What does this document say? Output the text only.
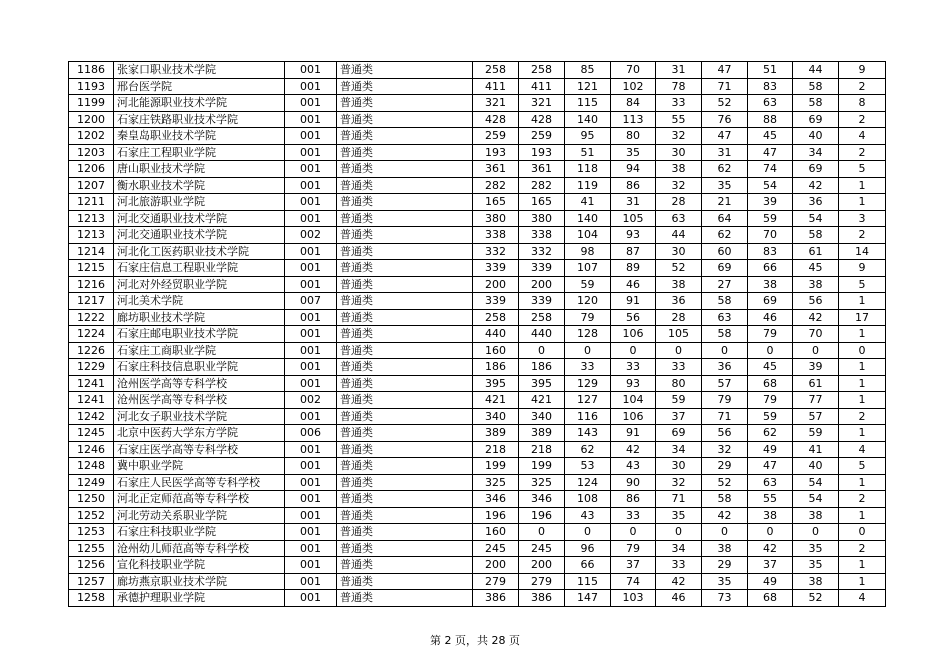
1186	张家口职业技术学院	001	普通类	258	258	85	70	31	47	51	44	9
1193	邢台医学院	001	普通类	411	411	121	102	78	71	83	58	2
1199	河北能源职业技术学院	001	普通类	321	321	115	84	33	52	63	58	8
1200	石家庄铁路职业技术学院	001	普通类	428	428	140	113	55	76	88	69	2
1202	秦皇岛职业技术学院	001	普通类	259	259	95	80	32	47	45	40	4
1203	石家庄工程职业学院	001	普通类	193	193	51	35	30	31	47	34	2
1206	唐山职业技术学院	001	普通类	361	361	118	94	38	62	74	69	5
1207	衡水职业技术学院	001	普通类	282	282	119	86	32	35	54	42	1
1211	河北旅游职业学院	001	普通类	165	165	41	31	28	21	39	36	1
1213	河北交通职业技术学院	001	普通类	380	380	140	105	63	64	59	54	3
1213	河北交通职业技术学院	002	普通类	338	338	104	93	44	62	70	58	2
1214	河北化工医药职业技术学院	001	普通类	332	332	98	87	30	60	83	61	14
1215	石家庄信息工程职业学院	001	普通类	339	339	107	89	52	69	66	45	9
1216	河北对外经贸职业学院	001	普通类	200	200	59	46	38	27	38	38	5
1217	河北美术学院	007	普通类	339	339	120	91	36	58	69	56	1
1222	廊坊职业技术学院	001	普通类	258	258	79	56	28	63	46	42	17
1224	石家庄邮电职业技术学院	001	普通类	440	440	128	106	105	58	79	70	1
1226	石家庄工商职业学院	001	普通类	160	0	0	0	0	0	0	0	0
1229	石家庄科技信息职业学院	001	普通类	186	186	33	33	33	36	45	39	1
1241	沧州医学高等专科学校	001	普通类	395	395	129	93	80	57	68	61	1
1241	沧州医学高等专科学校	002	普通类	421	421	127	104	59	79	79	77	1
1242	河北女子职业技术学院	001	普通类	340	340	116	106	37	71	59	57	2
1245	北京中医药大学东方学院	006	普通类	389	389	143	91	69	56	62	59	1
1246	石家庄医学高等专科学校	001	普通类	218	218	62	42	34	32	49	41	4
1248	冀中职业学院	001	普通类	199	199	53	43	30	29	47	40	5
1249	石家庄人民医学高等专科学校	001	普通类	325	325	124	90	32	52	63	54	1
1250	河北正定师范高等专科学校	001	普通类	346	346	108	86	71	58	55	54	2
1252	河北劳动关系职业学院	001	普通类	196	196	43	33	35	42	38	38	1
1253	石家庄科技职业学院	001	普通类	160	0	0	0	0	0	0	0	0
1255	沧州幼儿师范高等专科学校	001	普通类	245	245	96	79	34	38	42	35	2
1256	宣化科技职业学院	001	普通类	200	200	66	37	33	29	37	35	1
1257	廊坊燕京职业技术学院	001	普通类	279	279	115	74	42	35	49	38	1
1258	承德护理职业学院	001	普通类	386	386	147	103	46	73	68	52	4
第 2 页，共 28 页
